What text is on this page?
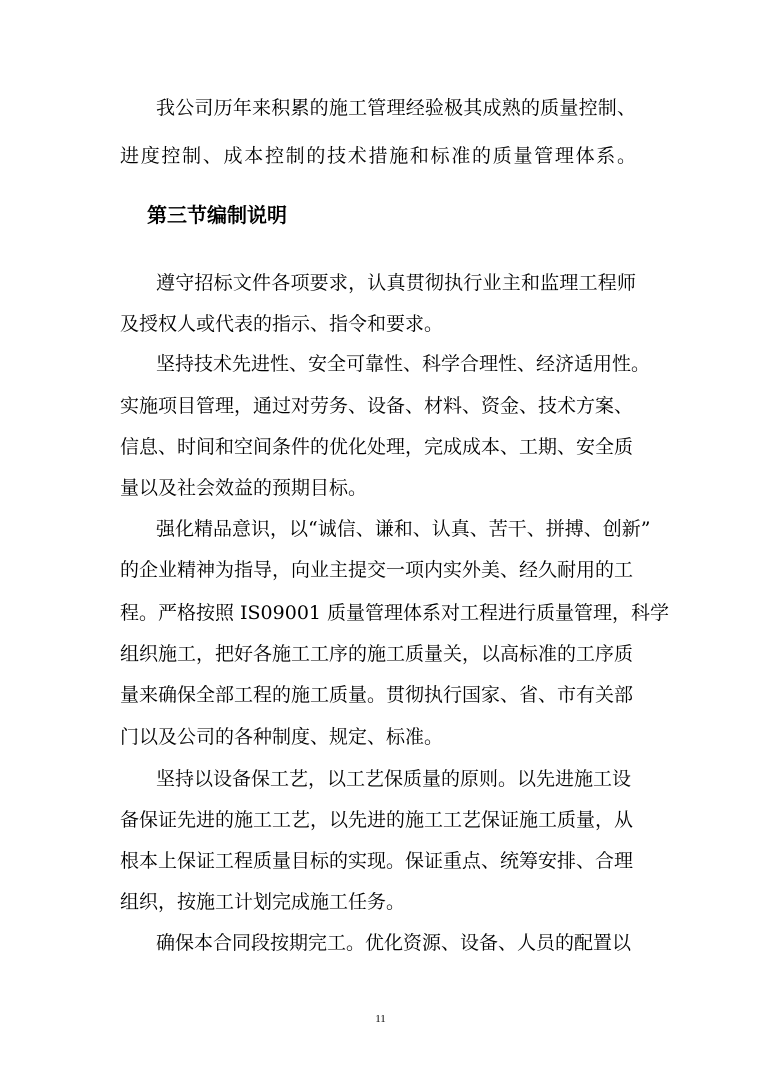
我公司历年来积累的施工管理经验极其成熟的质量控制、
进度控制、成本控制的技术措施和标准的质量管理体系。
第三节编制说明
遵守招标文件各项要求，认真贯彻执行业主和监理工程师
及授权人或代表的指示、指令和要求。
坚持技术先进性、安全可靠性、科学合理性、经济适用性。
实施项目管理，通过对劳务、设备、材料、资金、技术方案、
信息、时间和空间条件的优化处理，完成成本、工期、安全质
量以及社会效益的预期目标。
强化精品意识，以“诚信、谦和、认真、苦干、拼搏、创新”
的企业精神为指导，向业主提交一项内实外美、经久耐用的工
程。严格按照 IS09001 质量管理体系对工程进行质量管理，科学
组织施工，把好各施工工序的施工质量关，以高标准的工序质
量来确保全部工程的施工质量。贯彻执行国家、省、市有关部
门以及公司的各种制度、规定、标准。
坚持以设备保工艺，以工艺保质量的原则。以先进施工设
备保证先进的施工工艺，以先进的施工工艺保证施工质量，从
根本上保证工程质量目标的实现。保证重点、统筹安排、合理
组织，按施工计划完成施工任务。
确保本合同段按期完工。优化资源、设备、人员的配置以
11
